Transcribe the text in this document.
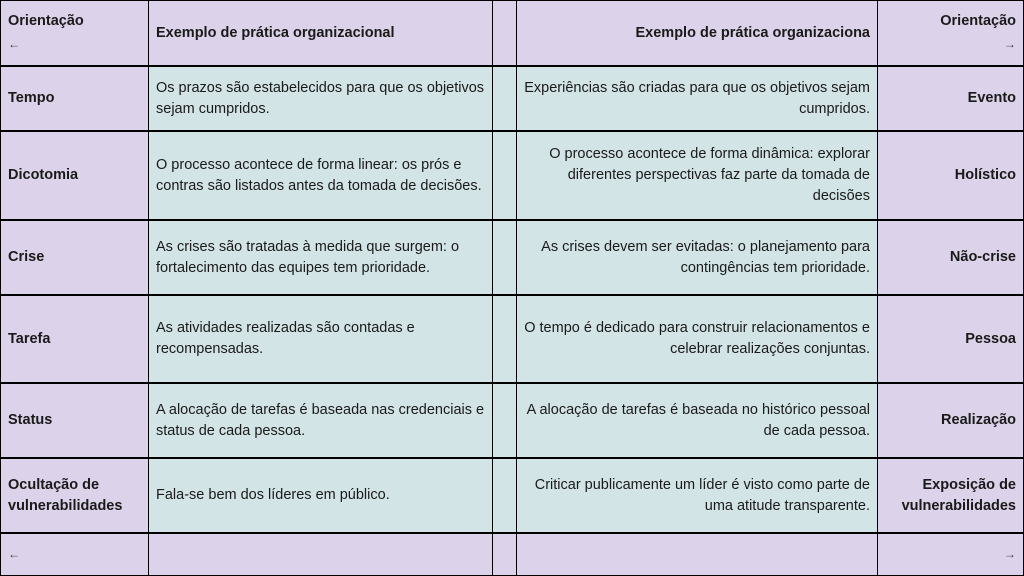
Orientação
←
Exemplo de prática organizacional	Exemplo de prática organizaciona
Orientação
→
Tempo
Os prazos são estabelecidos para que os objetivos sejam cumpridos.
Experiências são criadas para que os objetivos sejam cumpridos.
Evento
Dicotomia
O processo acontece de forma linear: os prós e contras são listados antes da tomada de decisões.
O processo acontece de forma dinâmica: explorar diferentes perspectivas faz parte da tomada de decisões
Holístico
Crise
As crises são tratadas à medida que surgem: o fortalecimento das equipes tem prioridade.
As crises devem ser evitadas: o planejamento para contingências tem prioridade.
Não-crise
Tarefa
As atividades realizadas são contadas e recompensadas.
O tempo é dedicado para construir relacionamentos e celebrar realizações conjuntas.
Pessoa
Status
A alocação de tarefas é baseada nas credenciais e status de cada pessoa.
A alocação de tarefas é baseada no histórico pessoal de cada pessoa.
Realização
Ocultação de vulnerabilidades
Fala-se bem dos líderes em público.
Criticar publicamente um líder é visto como parte de uma atitude transparente.
Exposição de vulnerabilidades
←	→
